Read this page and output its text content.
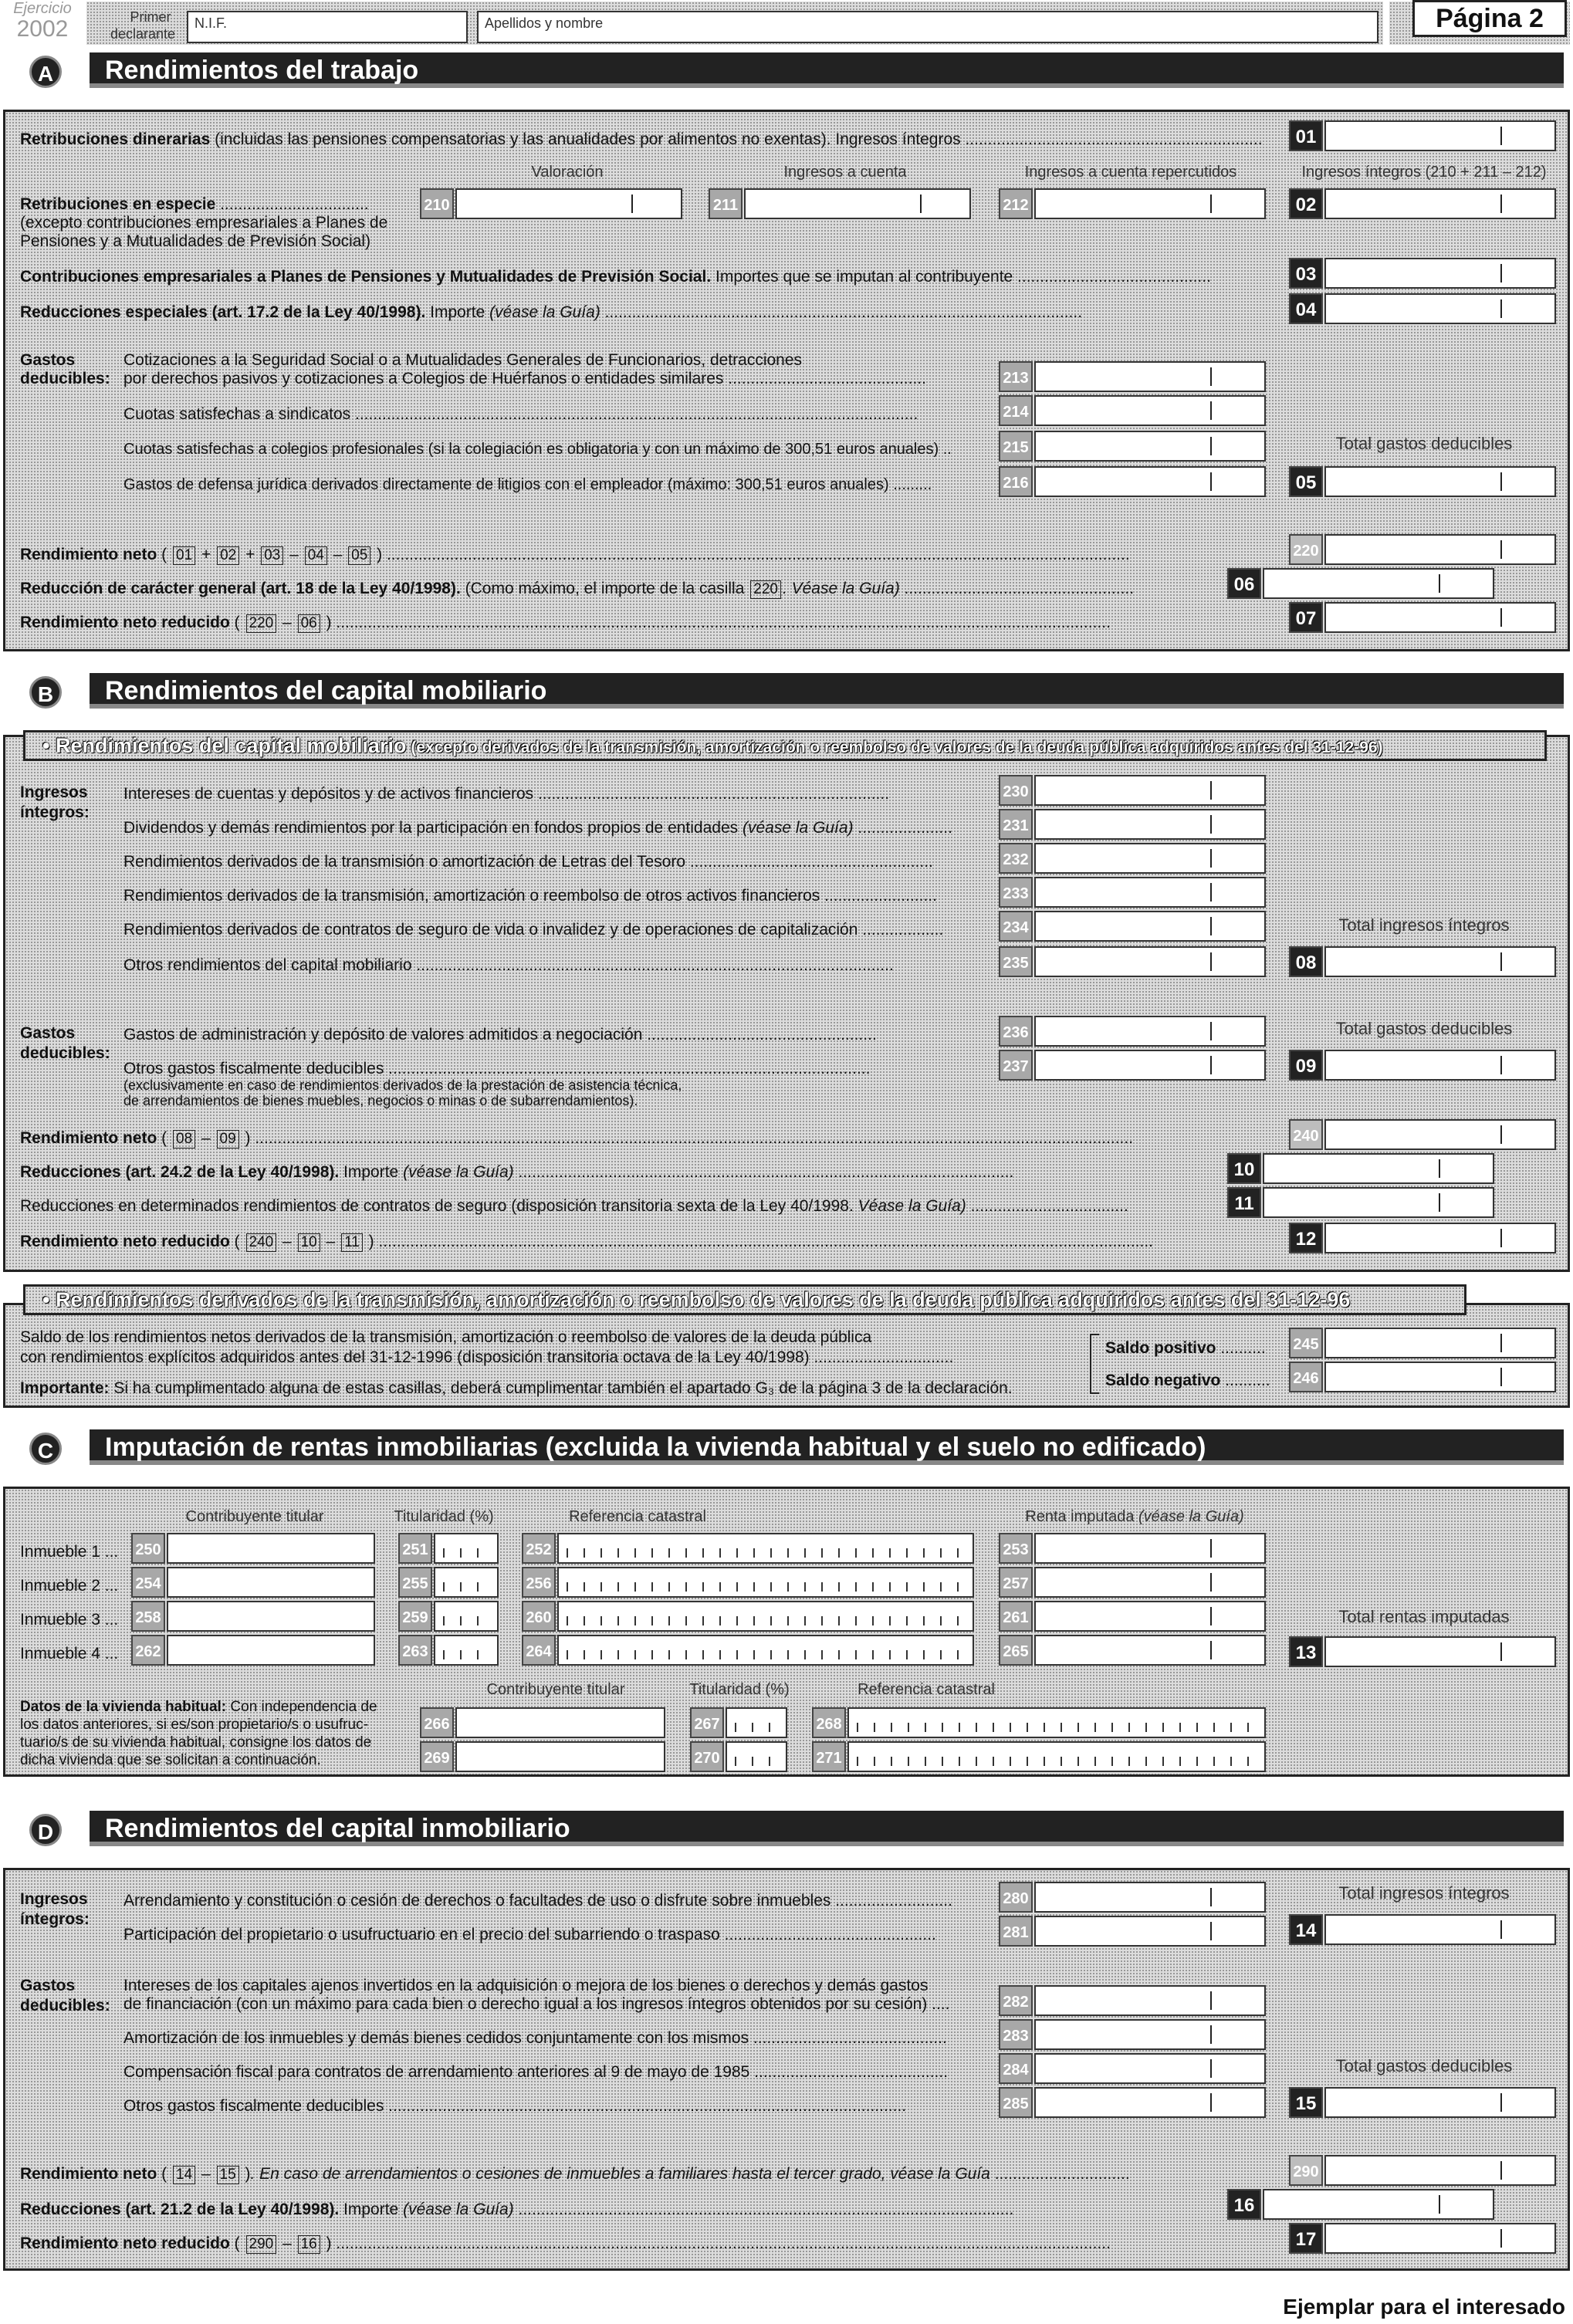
Ejercicio
2002	Primer
declarante
N.I.F.	Apellidos y nombre	Página 2
A	Rendimientos del trabajo
Retribuciones dinerarias (incluidas las pensiones compensatorias y las anualidades por alimentos no exentas). Ingresos íntegros ..................................................................	01
Valoración	Ingresos a cuenta	Ingresos a cuenta repercutidos	Ingresos íntegros (210 + 211 – 212)
Retribuciones en especie .................................
(excepto contribuciones empresariales a Planes de
Pensiones y a Mutualidades de Previsión Social)
210	211	212	02
Contribuciones empresariales a Planes de Pensiones y Mutualidades de Previsión Social. Importes que se imputan al contribuyente ...........................................	03
Reducciones especiales (art. 17.2 de la Ley 40/1998). Importe (véase la Guía) ..........................................................................................................	04
Gastos
deducibles:
Cotizaciones a la Seguridad Social o a Mutualidades Generales de Funcionarios, detracciones
por derechos pasivos y cotizaciones a Colegios de Huérfanos o entidades similares ............................................	213
Cuotas satisfechas a sindicatos .............................................................................................................................	214
Cuotas satisfechas a colegios profesionales (si la colegiación es obligatoria y con un máximo de 300,51 euros anuales) ..	215
Gastos de defensa jurídica derivados directamente de litigios con el empleador (máximo: 300,51 euros anuales) .........	216
Total gastos deducibles
05
Rendimiento neto ( 01 + 02 + 03 – 04 – 05 ) .....................................................................................................................................................................	220
Reducción de carácter general (art. 18 de la Ley 40/1998). (Como máximo, el importe de la casilla 220 . Véase la Guía) ...................................................	06
Rendimiento neto reducido ( 220 – 06 ) ............................................................................................................................................................................	07
B	Rendimientos del capital mobiliario
• Rendimientos del capital mobiliario (excepto derivados de la transmisión, amortización o reembolso de valores de la deuda pública adquiridos antes del 31-12-96)
Ingresos
íntegros:
Intereses de cuentas y depósitos y de activos financieros ..............................................................................	230
Dividendos y demás rendimientos por la participación en fondos propios de entidades (véase la Guía) .....................	231
Rendimientos derivados de la transmisión o amortización de Letras del Tesoro ......................................................	232
Rendimientos derivados de la transmisión, amortización o reembolso de otros activos financieros .........................	233
Rendimientos derivados de contratos de seguro de vida o invalidez y de operaciones de capitalización ..................	234
Otros rendimientos del capital mobiliario ..........................................................................................................	235
Total ingresos íntegros
08
Gastos
deducibles:
Gastos de administración y depósito de valores admitidos a negociación ...................................................	236
Otros gastos fiscalmente deducibles ...........................................................................................................
(exclusivamente en caso de rendimientos derivados de la prestación de asistencia técnica,
de arrendamientos de bienes muebles, negocios o minas o de subarrendamientos).
237
Total gastos deducibles
09
Rendimiento neto ( 08 – 09 ) ...................................................................................................................................................................................................	240
Reducciones (art. 24.2 de la Ley 40/1998). Importe (véase la Guía) ..............................................................................................................	10
Reducciones en determinados rendimientos de contratos de seguro (disposición transitoria sexta de la Ley 40/1998. Véase la Guía) ...................................	11
Rendimiento neto reducido ( 240 – 10 – 11 ) ............................................................................................................................................................................	12
• Rendimientos derivados de la transmisión, amortización o reembolso de valores de la deuda pública adquiridos antes del 31-12-96
Saldo de los rendimientos netos derivados de la transmisión, amortización o reembolso de valores de la deuda pública
con rendimientos explícitos adquiridos antes del 31-12-1996 (disposición transitoria octava de la Ley 40/1998) ...............................
Importante: Si ha cumplimentado alguna de estas casillas, deberá cumplimentar también el apartado G₃ de la página 3 de la declaración.
Saldo positivo ..........
Saldo negativo ..........
245
246
C	Imputación de rentas inmobiliarias (excluida la vivienda habitual y el suelo no edificado)
Contribuyente titular	Titularidad (%)	Referencia catastral	Renta imputada (véase la Guía)
Inmueble 1 ... 250	251	252	253
Inmueble 2 ... 254	255	256	257
Inmueble 3 ... 258	259	260	261
Inmueble 4 ... 262	263	264	265
Total rentas imputadas
13
Datos de la vivienda habitual: Con independencia de
los datos anteriores, si es/son propietario/s o usufruc-
tuario/s de su vivienda habitual, consigne los datos de
dicha vivienda que se solicitan a continuación.
Contribuyente titular	Titularidad (%)	Referencia catastral
266	267	268
269	270	271
D	Rendimientos del capital inmobiliario
Ingresos
íntegros:
Arrendamiento y constitución o cesión de derechos o facultades de uso o disfrute sobre inmuebles ..........................	280
Participación del propietario o usufructuario en el precio del subarriendo o traspaso ...............................................	281
Total ingresos íntegros
14
Gastos
deducibles:
Intereses de los capitales ajenos invertidos en la adquisición o mejora de los bienes o derechos y demás gastos
de financiación (con un máximo para cada bien o derecho igual a los ingresos íntegros obtenidos por su cesión) ....	282
Amortización de los inmuebles y demás bienes cedidos conjuntamente con los mismos ...........................................	283
Compensación fiscal para contratos de arrendamiento anteriores al 9 de mayo de 1985 ...........................................	284
Otros gastos fiscalmente deducibles ...................................................................................................................	285
Total gastos deducibles
15
Rendimiento neto ( 14 – 15 ). En caso de arrendamientos o cesiones de inmuebles a familiares hasta el tercer grado, véase la Guía ..............................	290
Reducciones (art. 21.2 de la Ley 40/1998). Importe (véase la Guía) ..............................................................................................................	16
Rendimiento neto reducido ( 290 – 16 ) ............................................................................................................................................................................	17
Ejemplar para el interesado
